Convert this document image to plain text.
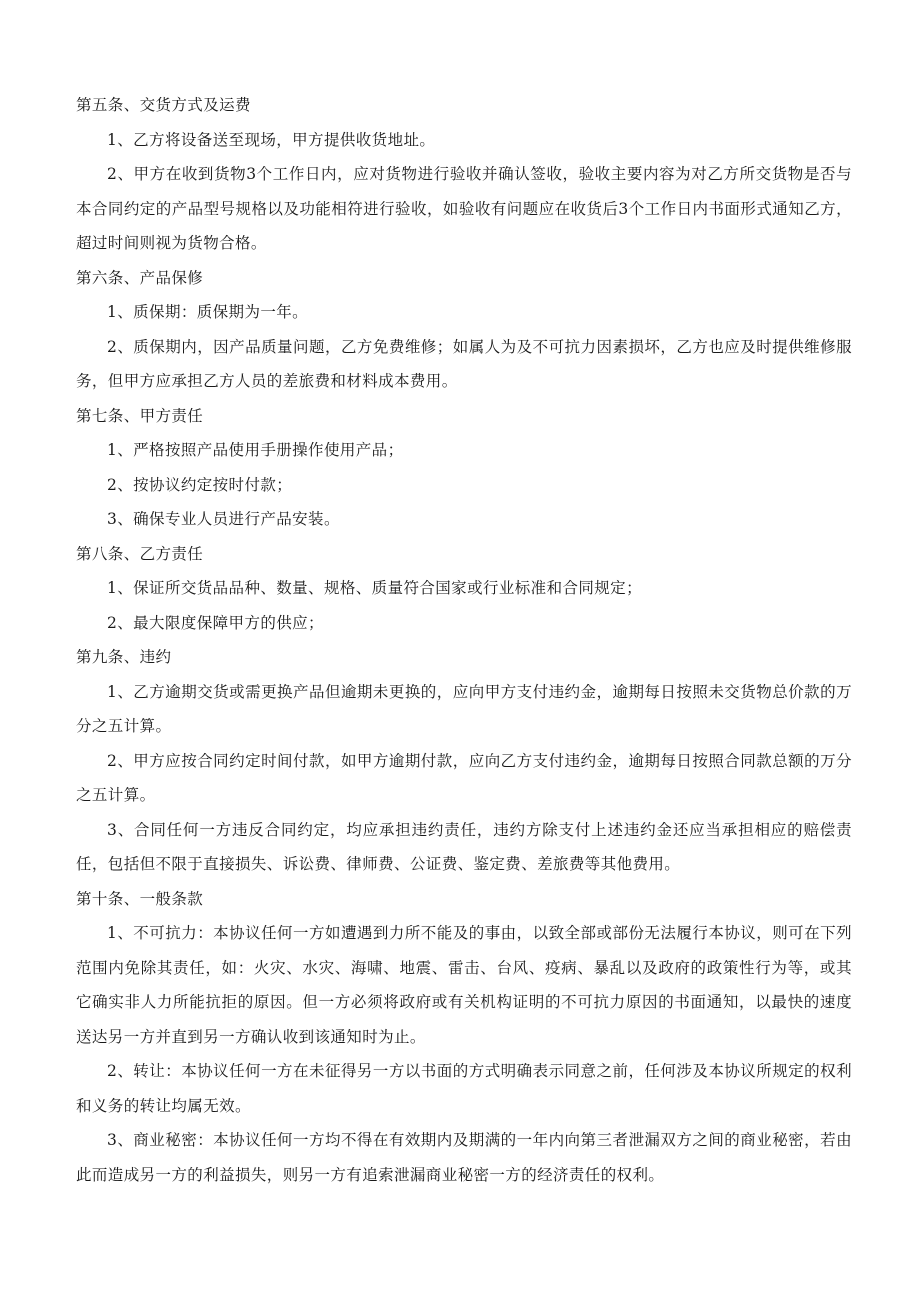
第五条、交货方式及运费

1、乙方将设备送至现场，甲方提供收货地址。

2、甲方在收到货物3个工作日内，应对货物进行验收并确认签收，验收主要内容为对乙方所交货物是否与本合同约定的产品型号规格以及功能相符进行验收，如验收有问题应在收货后3个工作日内书面形式通知乙方，超过时间则视为货物合格。

第六条、产品保修

1、质保期：质保期为一年。

2、质保期内，因产品质量问题，乙方免费维修；如属人为及不可抗力因素损坏，乙方也应及时提供维修服务，但甲方应承担乙方人员的差旅费和材料成本费用。

第七条、甲方责任

1、严格按照产品使用手册操作使用产品；

2、按协议约定按时付款；

3、确保专业人员进行产品安装。

第八条、乙方责任

1、保证所交货品品种、数量、规格、质量符合国家或行业标准和合同规定；

2、最大限度保障甲方的供应；

第九条、违约

1、乙方逾期交货或需更换产品但逾期未更换的，应向甲方支付违约金，逾期每日按照未交货物总价款的万分之五计算。

2、甲方应按合同约定时间付款，如甲方逾期付款，应向乙方支付违约金，逾期每日按照合同款总额的万分之五计算。

3、合同任何一方违反合同约定，均应承担违约责任，违约方除支付上述违约金还应当承担相应的赔偿责任，包括但不限于直接损失、诉讼费、律师费、公证费、鉴定费、差旅费等其他费用。

第十条、一般条款

1、不可抗力：本协议任何一方如遭遇到力所不能及的事由，以致全部或部份无法履行本协议，则可在下列范围内免除其责任，如：火灾、水灾、海啸、地震、雷击、台风、疫病、暴乱以及政府的政策性行为等，或其它确实非人力所能抗拒的原因。但一方必须将政府或有关机构证明的不可抗力原因的书面通知，以最快的速度送达另一方并直到另一方确认收到该通知时为止。

2、转让：本协议任何一方在未征得另一方以书面的方式明确表示同意之前，任何涉及本协议所规定的权利和义务的转让均属无效。

3、商业秘密：本协议任何一方均不得在有效期内及期满的一年内向第三者泄漏双方之间的商业秘密，若由此而造成另一方的利益损失，则另一方有追索泄漏商业秘密一方的经济责任的权利。
